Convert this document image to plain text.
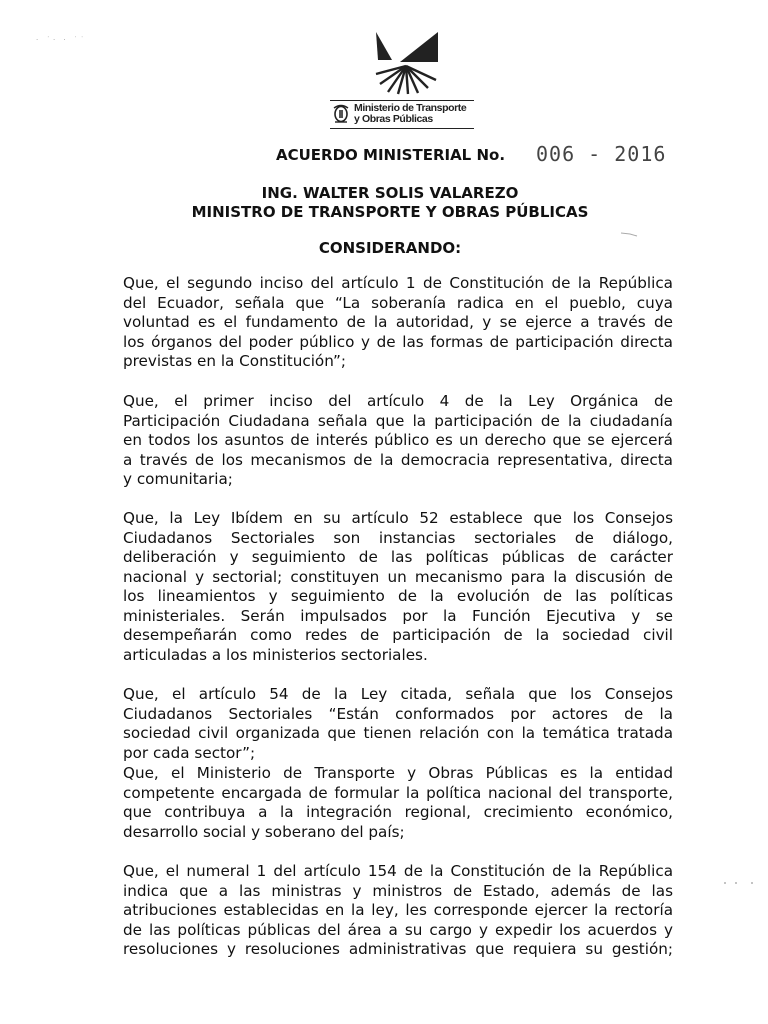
· ˙· · ˙˙
Ministerio de Transporte
y Obras Públicas
ACUERDO MINISTERIAL No. 006 - 2016
ING. WALTER SOLIS VALAREZO
MINISTRO DE TRANSPORTE Y OBRAS PÚBLICAS
CONSIDERANDO:
Que, el segundo inciso del artículo 1 de Constitución de la República
del Ecuador, señala que “La soberanía radica en el pueblo, cuya
voluntad es el fundamento de la autoridad, y se ejerce a través de
los órganos del poder público y de las formas de participación directa
previstas en la Constitución”;
Que, el primer inciso del artículo 4 de la Ley Orgánica de
Participación Ciudadana señala que la participación de la ciudadanía
en todos los asuntos de interés público es un derecho que se ejercerá
a través de los mecanismos de la democracia representativa, directa
y comunitaria;
Que, la Ley Ibídem en su artículo 52 establece que los Consejos
Ciudadanos Sectoriales son instancias sectoriales de diálogo,
deliberación y seguimiento de las políticas públicas de carácter
nacional y sectorial; constituyen un mecanismo para la discusión de
los lineamientos y seguimiento de la evolución de las políticas
ministeriales. Serán impulsados por la Función Ejecutiva y se
desempeñarán como redes de participación de la sociedad civil
articuladas a los ministerios sectoriales.
Que, el artículo 54 de la Ley citada, señala que los Consejos
Ciudadanos Sectoriales “Están conformados por actores de la
sociedad civil organizada que tienen relación con la temática tratada
por cada sector”;
Que, el Ministerio de Transporte y Obras Públicas es la entidad
competente encargada de formular la política nacional del transporte,
que contribuya a la integración regional, crecimiento económico,
desarrollo social y soberano del país;
Que, el numeral 1 del artículo 154 de la Constitución de la República
indica que a las ministras y ministros de Estado, además de las
atribuciones establecidas en la ley, les corresponde ejercer la rectoría
de las políticas públicas del área a su cargo y expedir los acuerdos y
resoluciones y resoluciones administrativas que requiera su gestión;
